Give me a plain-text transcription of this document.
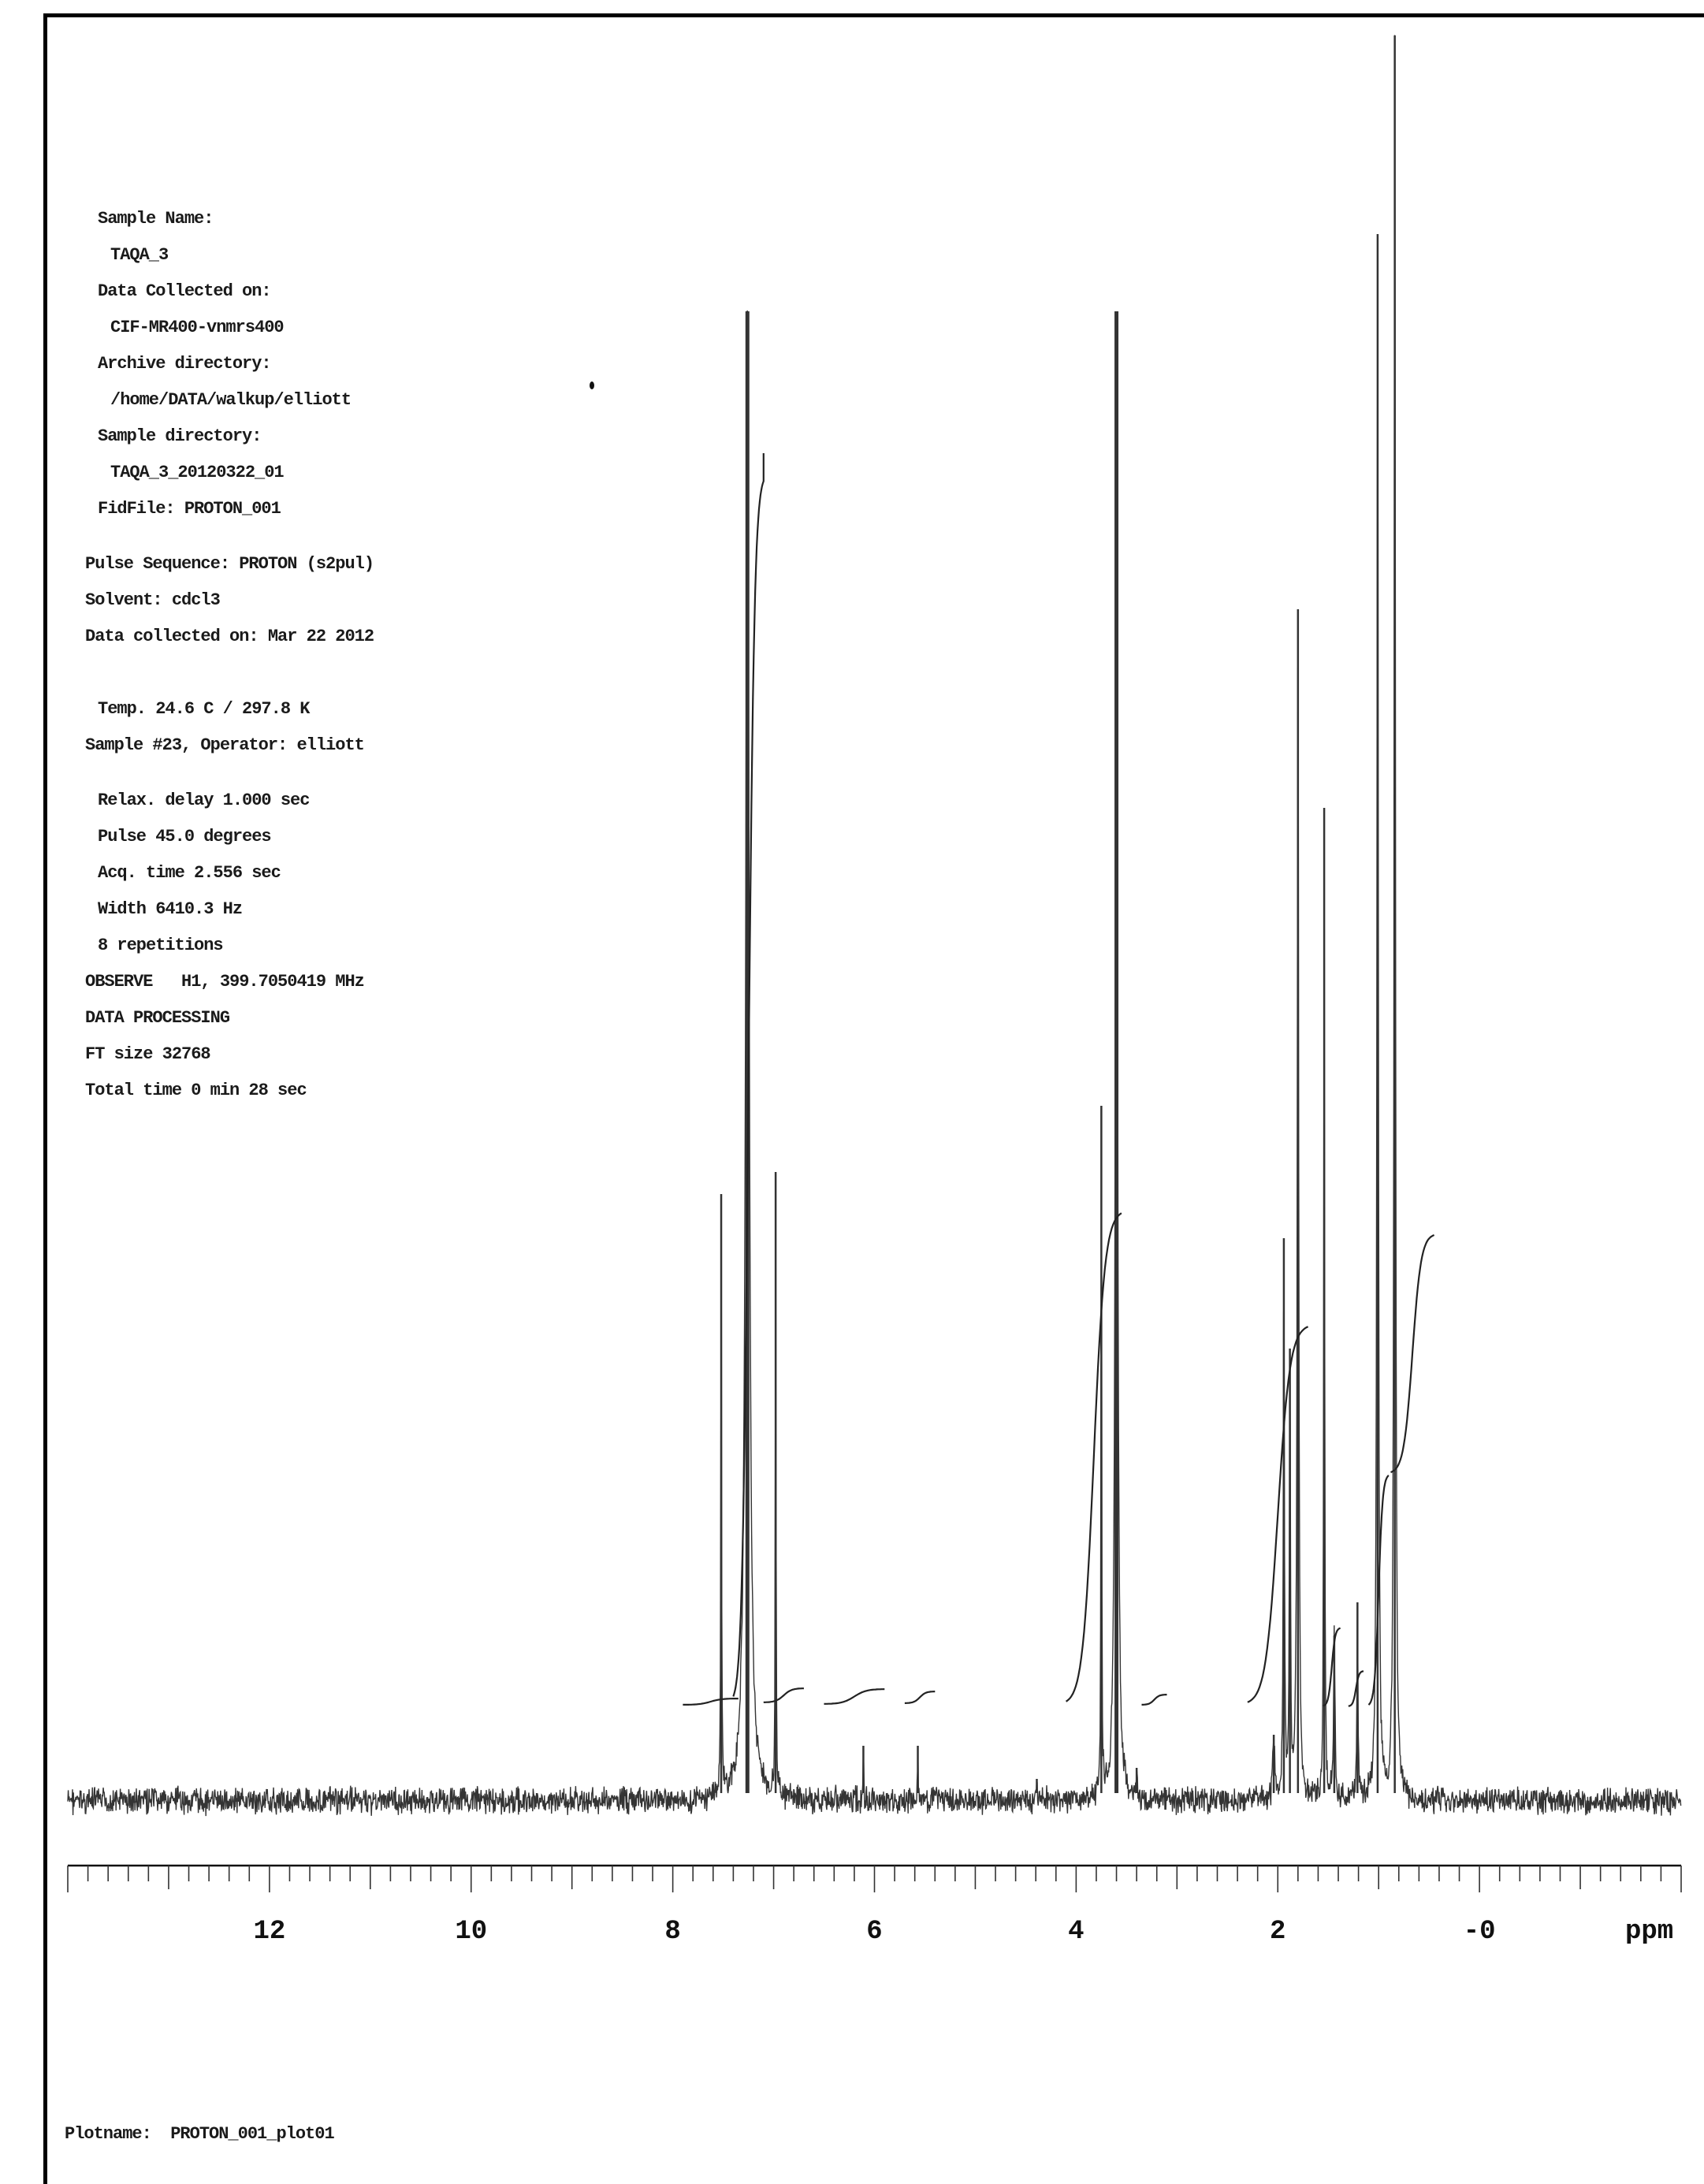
Sample Name:
TAQA_3
Data Collected on:
CIF-MR400-vnmrs400
Archive directory:
/home/DATA/walkup/elliott
Sample directory:
TAQA_3_20120322_01
FidFile: PROTON_001
Pulse Sequence: PROTON (s2pul)
Solvent: cdcl3
Data collected on: Mar 22 2012
Temp. 24.6 C / 297.8 K
Sample #23, Operator: elliott
Relax. delay 1.000 sec
Pulse 45.0 degrees
Acq. time 2.556 sec
Width 6410.3 Hz
8 repetitions
OBSERVE   H1, 399.7050419 MHz
DATA PROCESSING
FT size 32768
Total time 0 min 28 sec
12	10	8	6	4	2	-0	ppm
Plotname:  PROTON_001_plot01
